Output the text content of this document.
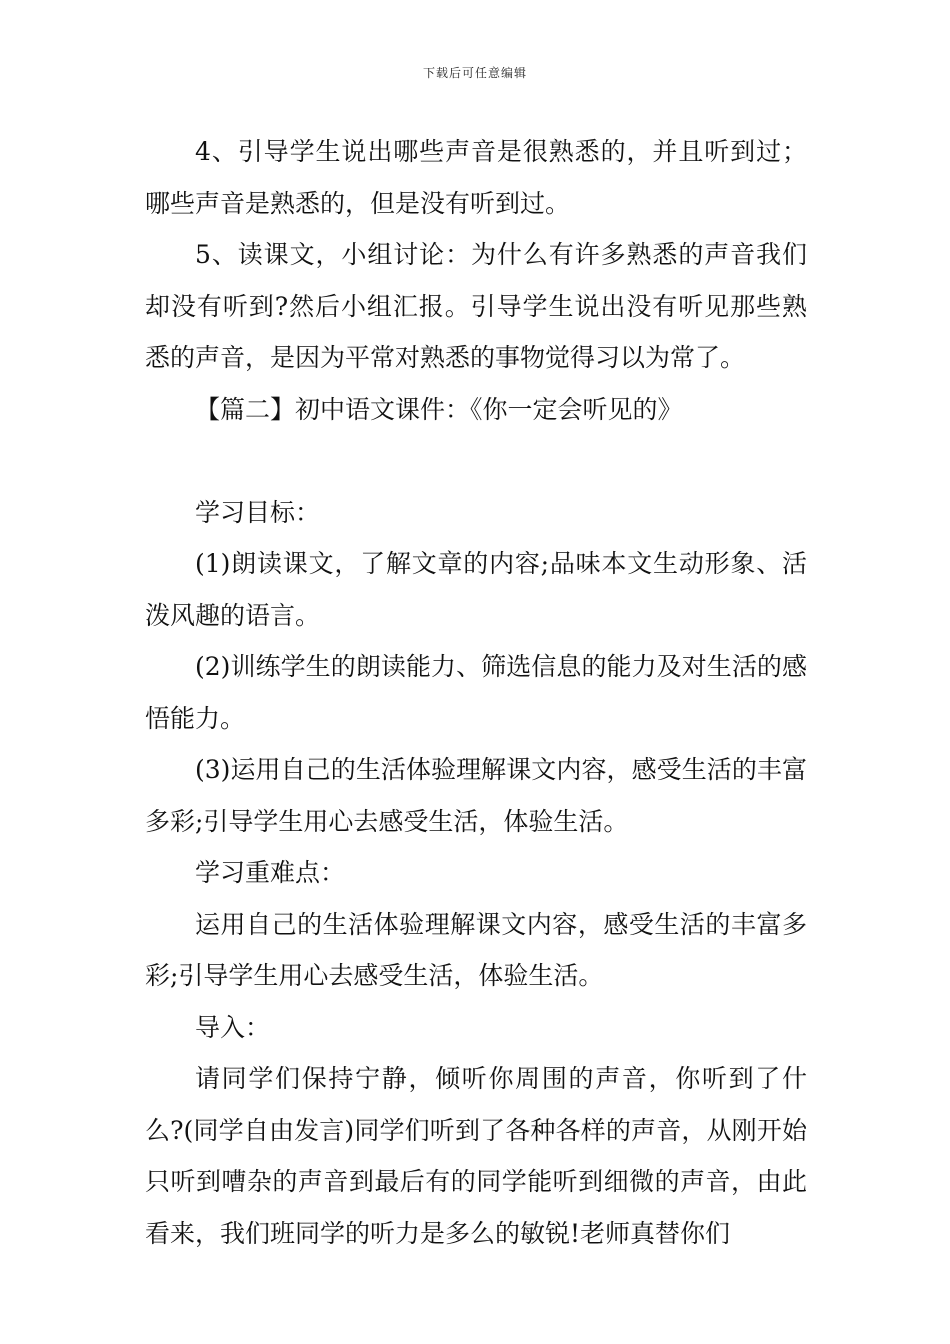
下载后可任意编辑

4、引导学生说出哪些声音是很熟悉的，并且听到过；哪些声音是熟悉的，但是没有听到过。

5、读课文，小组讨论：为什么有许多熟悉的声音我们却没有听到?然后小组汇报。引导学生说出没有听见那些熟悉的声音，是因为平常对熟悉的事物觉得习以为常了。

【篇二】初中语文课件：《你一定会听见的》

学习目标：

(1)朗读课文，了解文章的内容;品味本文生动形象、活泼风趣的语言。

(2)训练学生的朗读能力、筛选信息的能力及对生活的感悟能力。

(3)运用自己的生活体验理解课文内容，感受生活的丰富多彩;引导学生用心去感受生活，体验生活。

学习重难点：

运用自己的生活体验理解课文内容，感受生活的丰富多彩;引导学生用心去感受生活，体验生活。

导入：

请同学们保持宁静，倾听你周围的声音，你听到了什么?(同学自由发言)同学们听到了各种各样的声音，从刚开始只听到嘈杂的声音到最后有的同学能听到细微的声音，由此看来，我们班同学的听力是多么的敏锐!老师真替你们
